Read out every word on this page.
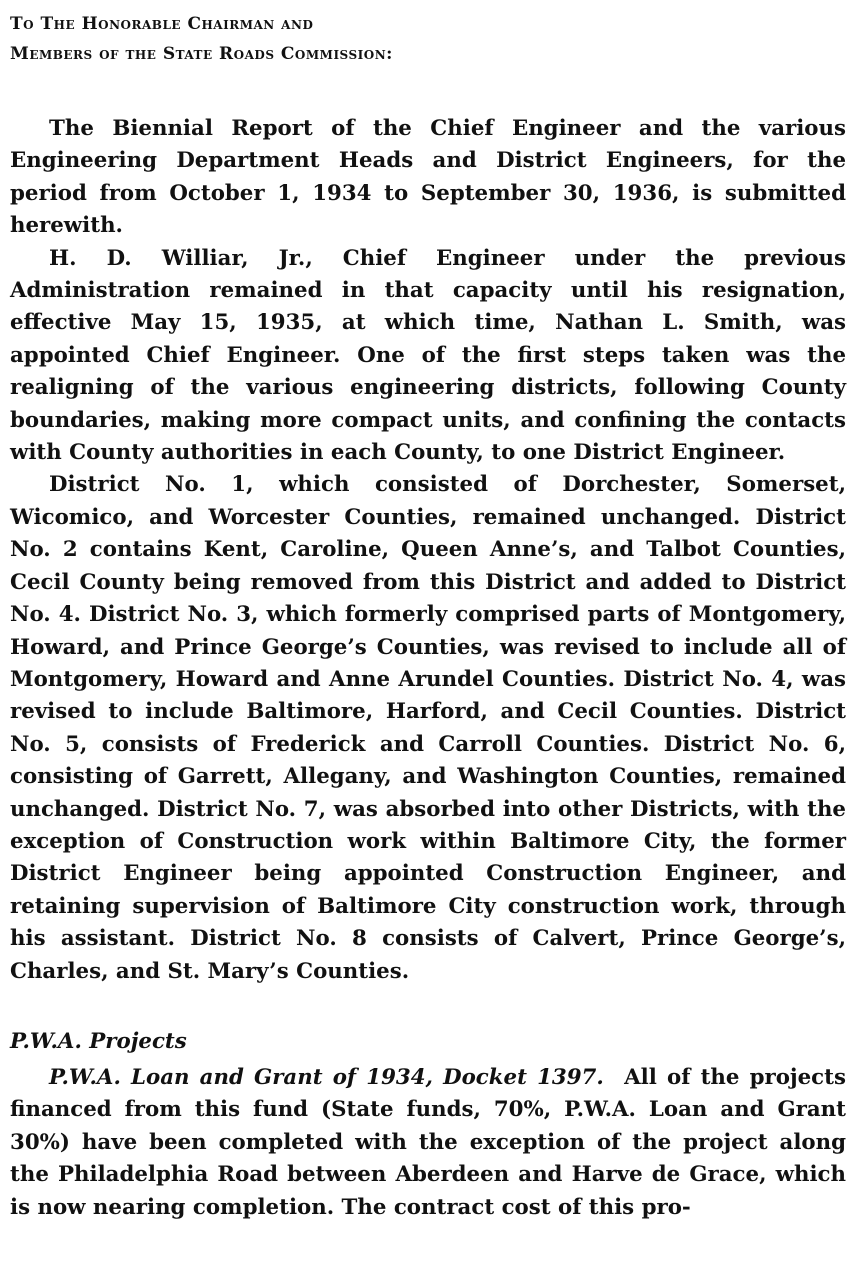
To The Honorable Chairman and
Members of the State Roads Commission:

The Biennial Report of the Chief Engineer and the various Engineering Department Heads and District Engineers, for the period from October 1, 1934 to September 30, 1936, is submitted herewith.

H. D. Williar, Jr., Chief Engineer under the previous Administration remained in that capacity until his resignation, effective May 15, 1935, at which time, Nathan L. Smith, was appointed Chief Engineer. One of the first steps taken was the realigning of the various engineering districts, following County boundaries, making more compact units, and confining the contacts with County authorities in each County, to one District Engineer.

District No. 1, which consisted of Dorchester, Somerset, Wicomico, and Worcester Counties, remained unchanged. District No. 2 contains Kent, Caroline, Queen Anne’s, and Talbot Counties, Cecil County being removed from this District and added to District No. 4. District No. 3, which formerly comprised parts of Montgomery, Howard, and Prince George’s Counties, was revised to include all of Montgomery, Howard and Anne Arundel Counties. District No. 4, was revised to include Baltimore, Harford, and Cecil Counties. District No. 5, consists of Frederick and Carroll Counties. District No. 6, consisting of Garrett, Allegany, and Washington Counties, remained unchanged. District No. 7, was absorbed into other Districts, with the exception of Construction work within Baltimore City, the former District Engineer being appointed Construction Engineer, and retaining supervision of Baltimore City construction work, through his assistant. District No. 8 consists of Calvert, Prince George’s, Charles, and St. Mary’s Counties.

P.W.A. Projects

P.W.A. Loan and Grant of 1934, Docket 1397. All of the projects financed from this fund (State funds, 70%, P.W.A. Loan and Grant 30%) have been completed with the exception of the project along the Philadelphia Road between Aberdeen and Harve de Grace, which is now nearing completion. The contract cost of this pro-
